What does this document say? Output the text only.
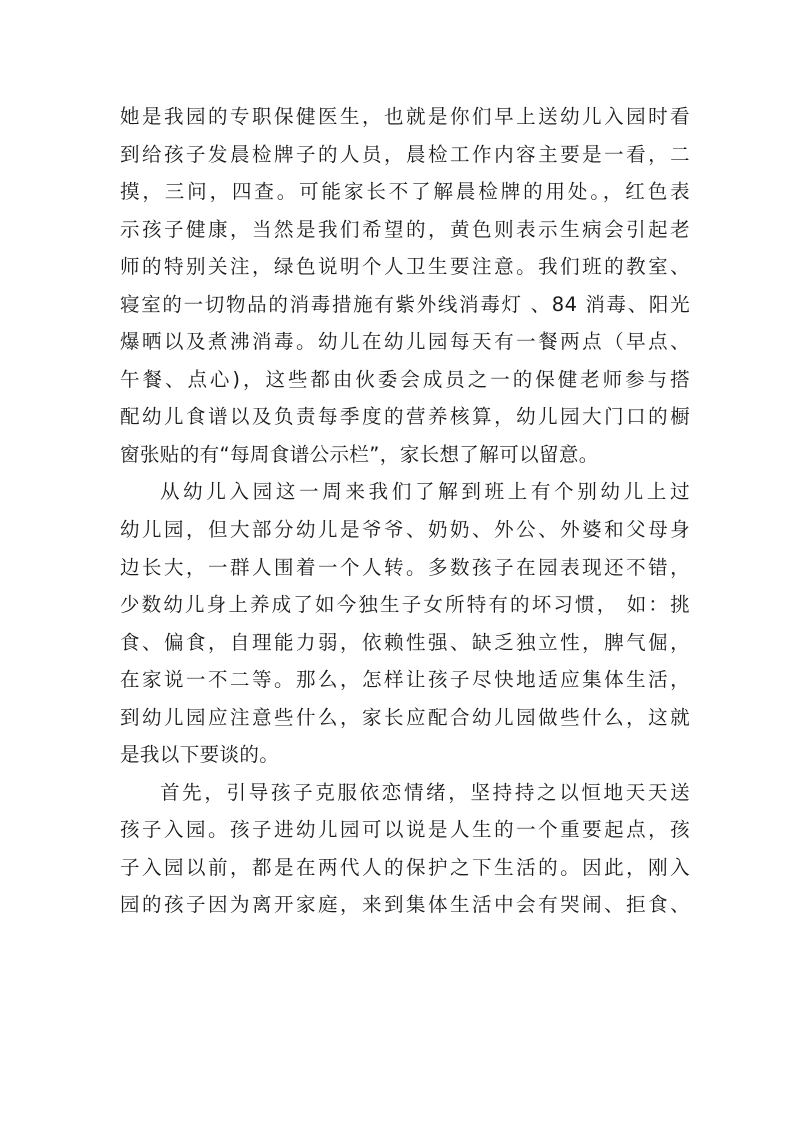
她是我园的专职保健医生，也就是你们早上送幼儿入园时看
到给孩子发晨检牌子的人员，晨检工作内容主要是一看，二
摸，三问，四查。可能家长不了解晨检牌的用处。，红色表
示孩子健康，当然是我们希望的，黄色则表示生病会引起老
师的特别关注，绿色说明个人卫生要注意。我们班的教室、
寝室的一切物品的消毒措施有紫外线消毒灯 、84 消毒、阳光
爆晒以及煮沸消毒。幼儿在幼儿园每天有一餐两点（早点、
午餐、点心)，这些都由伙委会成员之一的保健老师参与搭
配幼儿食谱以及负责每季度的营养核算，幼儿园大门口的橱
窗张贴的有“每周食谱公示栏”，家长想了解可以留意。
从幼儿入园这一周来我们了解到班上有个别幼儿上过
幼儿园，但大部分幼儿是爷爷、奶奶、外公、外婆和父母身
边长大，一群人围着一个人转。多数孩子在园表现还不错，
少数幼儿身上养成了如今独生子女所特有的坏习惯， 如：挑
食、偏食，自理能力弱，依赖性强、缺乏独立性，脾气倔，
在家说一不二等。那么，怎样让孩子尽快地适应集体生活，
到幼儿园应注意些什么，家长应配合幼儿园做些什么，这就
是我以下要谈的。
首先，引导孩子克服依恋情绪，坚持持之以恒地天天送
孩子入园。孩子进幼儿园可以说是人生的一个重要起点，孩
子入园以前，都是在两代人的保护之下生活的。因此，刚入
园的孩子因为离开家庭，来到集体生活中会有哭闹、拒食、
